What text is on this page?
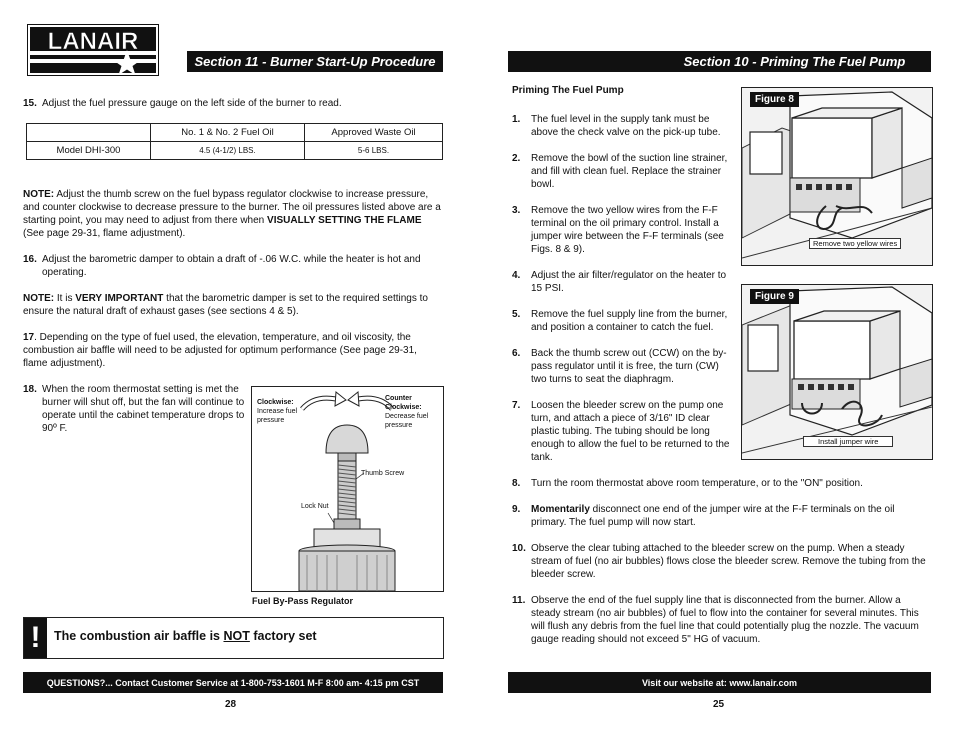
LANAIR
Section 11 - Burner Start-Up Procedure
15. Adjust the fuel pressure gauge on the left side of the burner to read.
	No. 1 & No. 2 Fuel Oil	Approved Waste Oil
Model DHI-300	4.5 (4-1/2) LBS.	5-6 LBS.
NOTE: Adjust the thumb screw on the fuel bypass regulator clockwise to increase pressure, and counter clockwise to decrease pressure to the burner. The oil pressures listed above are a starting point, you may need to adjust from there when VISUALLY SETTING THE FLAME (See page 29-31, flame adjustment).
16. Adjust the barometric damper to obtain a draft of -.06 W.C. while the heater is hot and operating.
NOTE: It is VERY IMPORTANT that the barometric damper is set to the required settings to ensure the natural draft of exhaust gases (see sections 4 & 5).
17. Depending on the type of fuel used, the elevation, temperature, and oil viscosity, the combustion air baffle will need to be adjusted for optimum performance (See page 29-31, flame adjustment).
18. When the room thermostat setting is met the burner will shut off, but the fan will continue to operate until the cabinet temperature drops to 90º F.
Clockwise:
Increase fuel pressure
Counter Clockwise:
Decrease fuel pressure
Thumb Screw
Lock Nut
Fuel By-Pass Regulator
! The combustion air baffle is NOT factory set
QUESTIONS?... Contact Customer Service at 1-800-753-1601 M-F 8:00 am- 4:15 pm CST
28
Section 10 - Priming The Fuel Pump
Priming The Fuel Pump
1. The fuel level in the supply tank must be above the check valve on the pick-up tube.
2. Remove the bowl of the suction line strainer, and fill with clean fuel. Replace the strainer bowl.
3. Remove the two yellow wires from the F-F terminal on the oil primary control. Install a jumper wire between the F-F terminals (see Figs. 8 & 9).
4. Adjust the air filter/regulator on the heater to 15 PSI.
5. Remove the fuel supply line from the burner, and position a container to catch the fuel.
6. Back the thumb screw out (CCW) on the by-pass regulator until it is free, the turn (CW) two turns to seat the diaphragm.
7. Loosen the bleeder screw on the pump one turn, and attach a piece of 3/16" ID clear plastic tubing. The tubing should be long enough to allow the fuel to be returned to the tank.
8. Turn the room thermostat above room temperature, or to the "ON" position.
9. Momentarily disconnect one end of the jumper wire at the F-F terminals on the oil primary. The fuel pump will now start.
10. Observe the clear tubing attached to the bleeder screw on the pump. When a steady stream of fuel (no air bubbles) flows close the bleeder screw. Remove the tubing from the bleeder screw.
11. Observe the end of the fuel supply line that is disconnected from the burner. Allow a steady stream (no air bubbles) of fuel to flow into the container for several minutes. This will flush any debris from the fuel line that could potentially plug the nozzle. The vacuum gauge reading should not exceed 5" HG of vacuum.
Figure 8
Remove two yellow wires
Figure 9
Install jumper wire
Visit our website at: www.lanair.com
25
